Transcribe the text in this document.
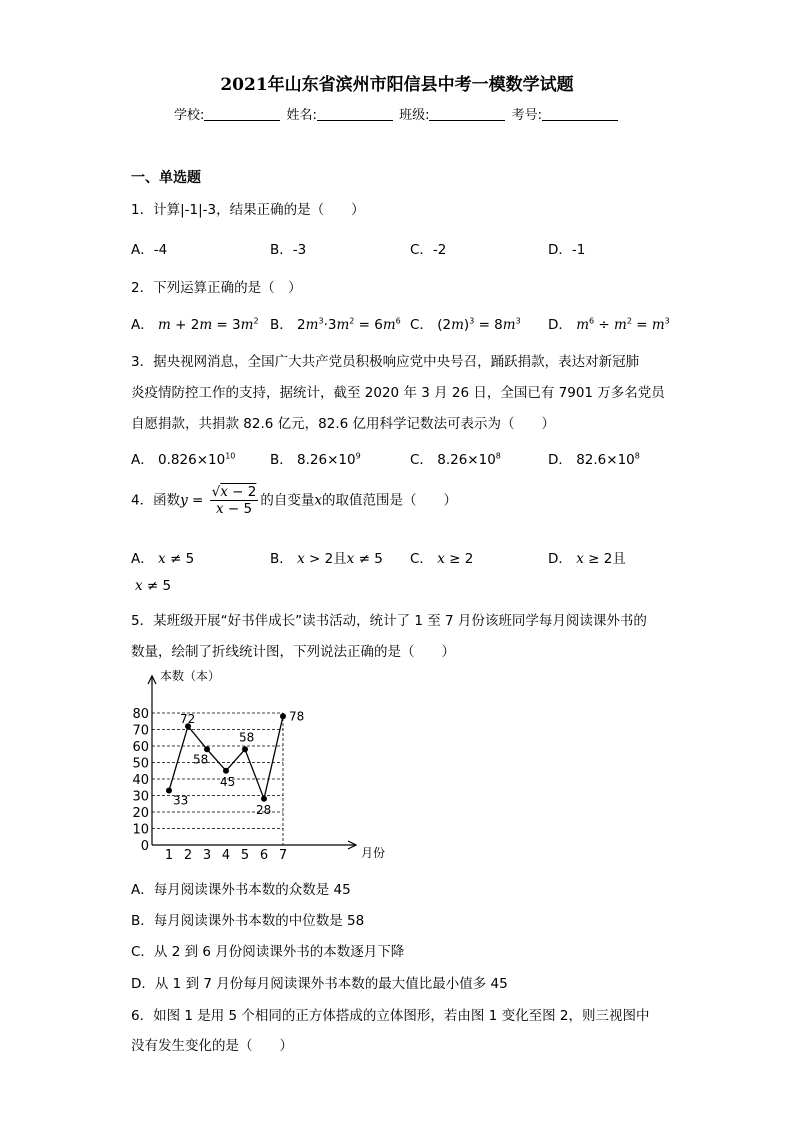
2021年山东省滨州市阳信县中考一模数学试题
学校:	姓名:	班级:	考号:
一、单选题
1．计算|-1|-3，结果正确的是（　　）
A．-4	B．-3	C．-2	D．-1
2．下列运算正确的是（　）
A． $m + 2m = 3m^2$ B． $2m^3\cdot 3m^2 = 6m^6$ C． $(2m)^3 = 8m^3$ D． $m^6 \div m^2 = m^3$
3．据央视网消息，全国广大共产党员积极响应党中央号召，踊跃捐款，表达对新冠肺
炎疫情防控工作的支持，据统计，截至 2020 年 3 月 26 日，全国已有 7901 万多名党员
自愿捐款，共捐款 82.6 亿元，82.6 亿用科学记数法可表示为（　　）
A． $0.826\times 10^{10}$	B． $8.26\times 10^9$	C． $8.26\times 10^8$	D． $82.6\times 10^8$
4．函数$y = \frac{√x - 2}{x - 5}$ 的自变量x的取值范围是（　　）
A． x ≠ 5	B． x > 2且x ≠ 5 C． x ≥ 2	D． x ≥ 2且
x ≠ 5
5．某班级开展“好书伴成长”读书活动，统计了 1 至 7 月份该班同学每月阅读课外书的
数量，绘制了折线统计图，下列说法正确的是（　　）
0
10
20
30
40
50
60
70
80
1 2 3 4 5 6 7
本数（本）
月份
33
72
58
45
58
28
78
A．每月阅读课外书本数的众数是 45
B．每月阅读课外书本数的中位数是 58
C．从 2 到 6 月份阅读课外书的本数逐月下降
D．从 1 到 7 月份每月阅读课外书本数的最大值比最小值多 45
6．如图 1 是用 5 个相同的正方体搭成的立体图形，若由图 1 变化至图 2，则三视图中
没有发生变化的是（　　）
